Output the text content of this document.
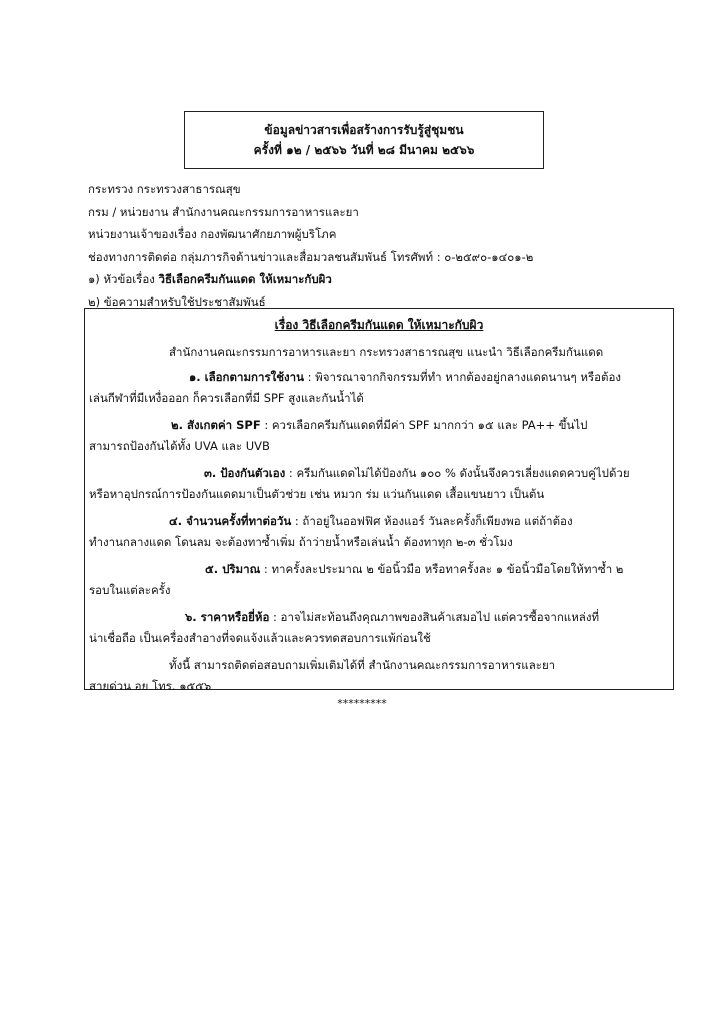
ข้อมูลข่าวสารเพื่อสร้างการรับรู้สู่ชุมชน
ครั้งที่ ๑๒ / ๒๕๖๖ วันที่ ๒๘ มีนาคม ๒๕๖๖
กระทรวง กระทรวงสาธารณสุข
กรม / หน่วยงาน สำนักงานคณะกรรมการอาหารและยา
หน่วยงานเจ้าของเรื่อง กองพัฒนาศักยภาพผู้บริโภค
ช่องทางการติดต่อ กลุ่มภารกิจด้านข่าวและสื่อมวลชนสัมพันธ์ โทรศัพท์ : ๐-๒๕๙๐-๑๔๐๑-๒
๑) หัวข้อเรื่อง วิธีเลือกครีมกันแดด ให้เหมาะกับผิว
๒) ข้อความสำหรับใช้ประชาสัมพันธ์
เรื่อง วิธีเลือกครีมกันแดด ให้เหมาะกับผิว
สำนักงานคณะกรรมการอาหารและยา กระทรวงสาธารณสุข แนะนำ วิธีเลือกครีมกันแดด
๑. เลือกตามการใช้งาน : พิจารณาจากกิจกรรมที่ทำ หากต้องอยู่กลางแดดนานๆ หรือต้อง
เล่นกีฬาที่มีเหงื่อออก ก็ควรเลือกที่มี SPF สูงและกันน้ำได้
๒. สังเกตค่า SPF : ควรเลือกครีมกันแดดที่มีค่า SPF มากกว่า ๑๕ และ PA++ ขึ้นไป
สามารถป้องกันได้ทั้ง UVA และ UVB
๓. ป้องกันตัวเอง : ครีมกันแดดไม่ได้ป้องกัน ๑๐๐ % ดังนั้นจึงควรเลี่ยงแดดควบคู่ไปด้วย
หรือหาอุปกรณ์การป้องกันแดดมาเป็นตัวช่วย เช่น หมวก ร่ม แว่นกันแดด เสื้อแขนยาว เป็นต้น
๔. จำนวนครั้งที่ทาต่อวัน : ถ้าอยู่ในออฟฟิศ ห้องแอร์ วันละครั้งก็เพียงพอ แต่ถ้าต้อง
ทำงานกลางแดด โดนลม จะต้องทาซ้ำเพิ่ม ถ้าว่ายน้ำหรือเล่นน้ำ ต้องทาทุก ๒-๓ ชั่วโมง
๕. ปริมาณ : ทาครั้งละประมาณ ๒ ข้อนิ้วมือ หรือทาครั้งละ ๑ ข้อนิ้วมือโดยให้ทาซ้ำ ๒
รอบในแต่ละครั้ง
๖. ราคาหรือยี่ห้อ : อาจไม่สะท้อนถึงคุณภาพของสินค้าเสมอไป แต่ควรซื้อจากแหล่งที่
น่าเชื่อถือ เป็นเครื่องสำอางที่จดแจ้งแล้วและควรทดสอบการแพ้ก่อนใช้
ทั้งนี้ สามารถติดต่อสอบถามเพิ่มเติมได้ที่ สำนักงานคณะกรรมการอาหารและยา
สายด่วน อย โทร. ๑๕๕๖
*********
